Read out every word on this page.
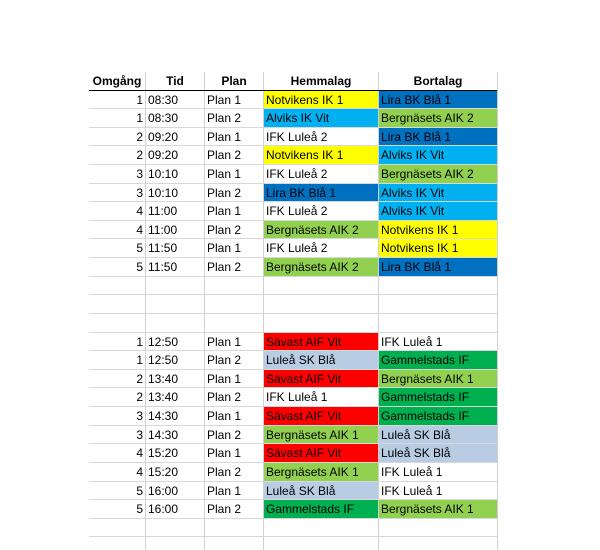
Omgång	Tid	Plan	Hemmalag	Bortalag
1 08:30	Plan 1	Notvikens IK 1	Lira BK Blå 1
1 08:30	Plan 2	Alviks IK Vit	Bergnäsets AIK 2
2 09:20	Plan 1	IFK Luleå 2	Lira BK Blå 1
2 09:20	Plan 2	Notvikens IK 1	Alviks IK Vit
3 10:10	Plan 1	IFK Luleå 2	Bergnäsets AIK 2
3 10:10	Plan 2	Lira BK Blå 1	Alviks IK Vit
4 11:00	Plan 1	IFK Luleå 2	Alviks IK Vit
4 11:00	Plan 2	Bergnäsets AIK 2	Notvikens IK 1
5 11:50	Plan 1	IFK Luleå 2	Notvikens IK 1
5 11:50	Plan 2	Bergnäsets AIK 2	Lira BK Blå 1
1 12:50	Plan 1	Sävast AIF Vit	IFK Luleå 1
1 12:50	Plan 2	Luleå SK Blå	Gammelstads IF
2 13:40	Plan 1	Sävast AIF Vit	Bergnäsets AIK 1
2 13:40	Plan 2	IFK Luleå 1	Gammelstads IF
3 14:30	Plan 1	Sävast AIF Vit	Gammelstads IF
3 14:30	Plan 2	Bergnäsets AIK 1	Luleå SK Blå
4 15:20	Plan 1	Sävast AIF Vit	Luleå SK Blå
4 15:20	Plan 2	Bergnäsets AIK 1	IFK Luleå 1
5 16:00	Plan 1	Luleå SK Blå	IFK Luleå 1
5 16:00	Plan 2	Gammelstads IF	Bergnäsets AIK 1
